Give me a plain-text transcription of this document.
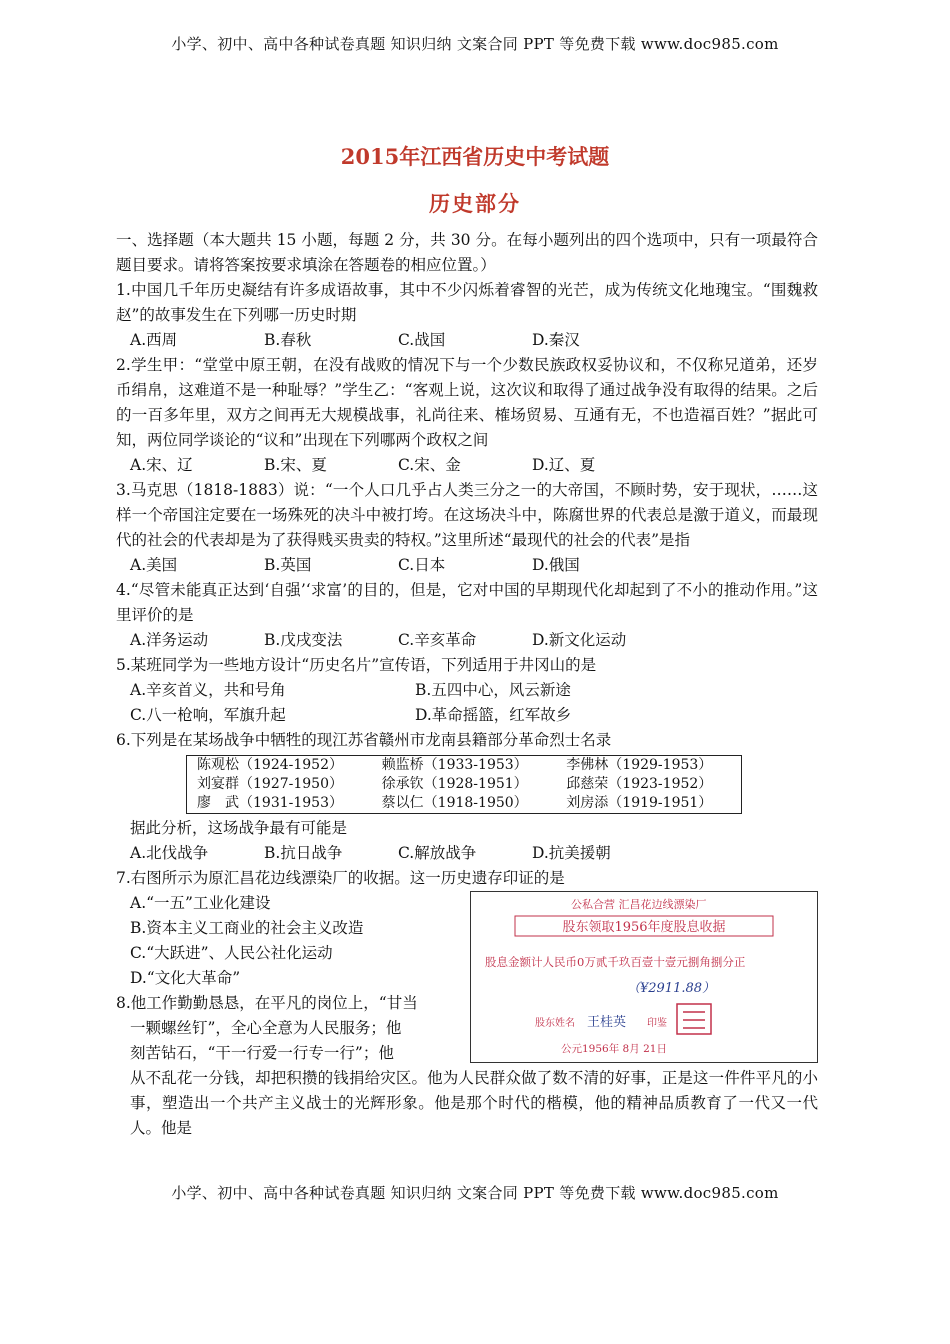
小学、初中、高中各种试卷真题 知识归纳 文案合同 PPT 等免费下载 www.doc985.com
2015年江西省历史中考试题
历史部分

一、选择题（本大题共 15 小题，每题 2 分，共 30 分。在每小题列出的四个选项中，只有一项最符合题目要求。请将答案按要求填涂在答题卷的相应位置。）

1.中国几千年历史凝结有许多成语故事，其中不少闪烁着睿智的光芒，成为传统文化地瑰宝。“围魏救赵”的故事发生在下列哪一历史时期

A.西周	B.春秋	C.战国	D.秦汉

2.学生甲：“堂堂中原王朝，在没有战败的情况下与一个少数民族政权妥协议和，不仅称兄道弟，还岁币绢帛，这难道不是一种耻辱？”学生乙：“客观上说，这次议和取得了通过战争没有取得的结果。之后的一百多年里，双方之间再无大规模战事，礼尚往来、榷场贸易、互通有无，不也造福百姓？”据此可知，两位同学谈论的“议和”出现在下列哪两个政权之间

A.宋、辽	B.宋、夏	C.宋、金	D.辽、夏

3.马克思（1818-1883）说：“一个人口几乎占人类三分之一的大帝国，不顾时势，安于现状，……这样一个帝国注定要在一场殊死的决斗中被打垮。在这场决斗中，陈腐世界的代表总是激于道义，而最现代的社会的代表却是为了获得贱买贵卖的特权。”这里所述“最现代的社会的代表”是指

A.美国	B.英国	C.日本	D.俄国

4.“尽管未能真正达到‘自强’‘求富’的目的，但是，它对中国的早期现代化却起到了不小的推动作用。”这里评价的是

A.洋务运动	B.戊戌变法	C.辛亥革命	D.新文化运动

5.某班同学为一些地方设计“历史名片”宣传语，下列适用于井冈山的是

A.辛亥首义，共和号角	B.五四中心，风云新途
C.八一枪响，军旗升起	D.革命摇篮，红军故乡

6.下列是在某场战争中牺牲的现江苏省赣州市龙南县籍部分革命烈士名录

陈观松（1924-1952）	赖监桥（1933-1953）	李佛林（1929-1953）
刘宴群（1927-1950）	徐承钦（1928-1951）	邱慈荣（1923-1952）
廖　武（1931-1953）	蔡以仁（1918-1950）	刘房添（1919-1951）

据此分析，这场战争最有可能是

A.北伐战争	B.抗日战争	C.解放战争	D.抗美援朝

7.右图所示为原汇昌花边线漂染厂的收据。这一历史遗存印证的是

公私合营 汇昌花边线漂染厂
股东领取1956年度股息收据
股息金额计人民币0万贰千玖百壹十壹元捌角捌分正
（¥2911.88）
股东姓名 王桂英 印鉴
公元1956年 8月 21日

A.“一五”工业化建设

B.资本主义工商业的社会主义改造

C.“大跃进”、人民公社化运动

D.“文化大革命”

8.他工作勤勤恳恳，在平凡的岗位上，“甘当

一颗螺丝钉”，全心全意为人民服务；他

刻苦钻石，“干一行爱一行专一行”；他

从不乱花一分钱，却把积攒的钱捐给灾区。他为人民群众做了数不清的好事，正是这一件件平凡的小事，塑造出一个共产主义战士的光辉形象。他是那个时代的楷模，他的精神品质教育了一代又一代人。他是

小学、初中、高中各种试卷真题 知识归纳 文案合同 PPT 等免费下载 www.doc985.com
